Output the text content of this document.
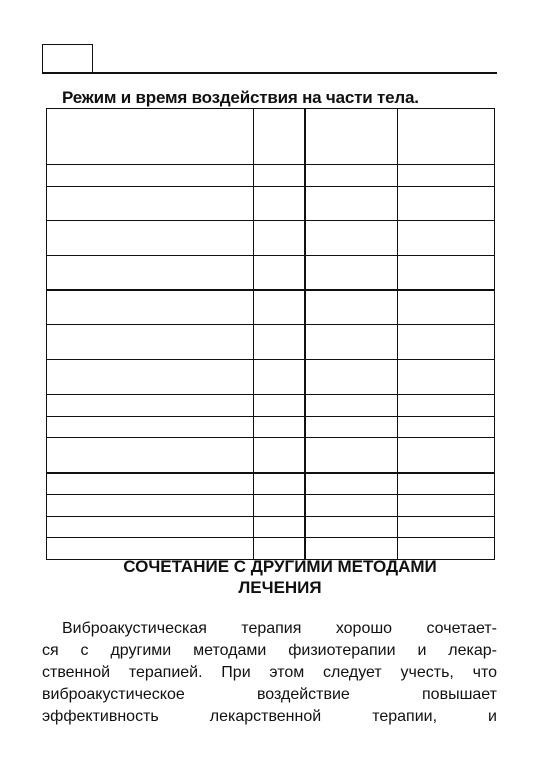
Режим и время воздействия на части тела.

СОЧЕТАНИЕ С ДРУГИМИ МЕТОДАМИ
ЛЕЧЕНИЯ

Виброакустическая терапия хорошо сочетает-
ся с другими методами физиотерапии и лекар-
ственной терапией. При этом следует учесть, что
виброакустическое воздействие повышает
эффективность лекарственной терапии, и
